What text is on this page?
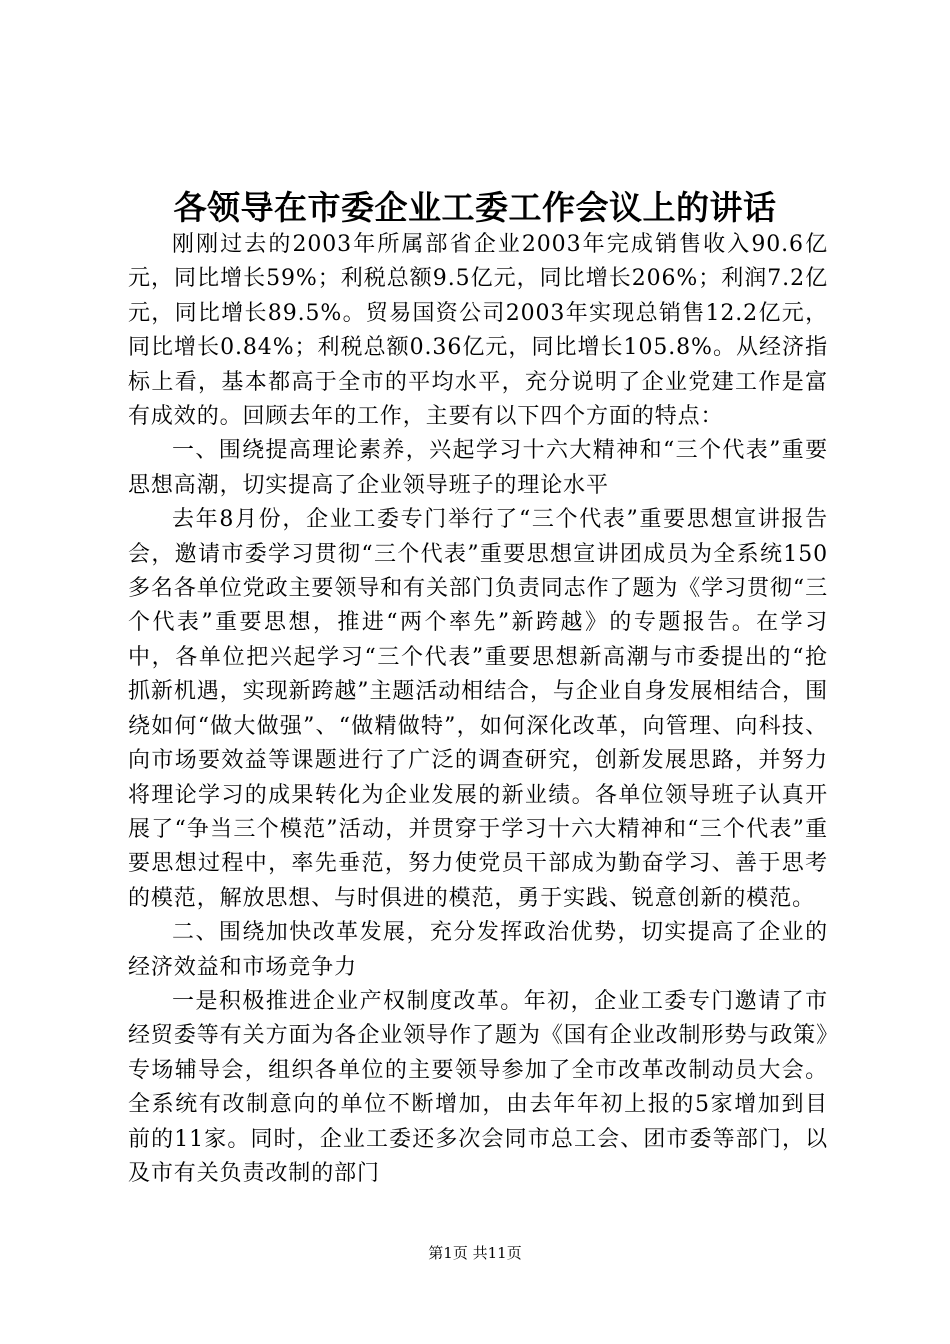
各领导在市委企业工委工作会议上的讲话

刚刚过去的2003年所属部省企业2003年完成销售收入90.6亿元，同比增长59%；利税总额9.5亿元，同比增长206%；利润7.2亿元，同比增长89.5%。贸易国资公司2003年实现总销售12.2亿元，同比增长0.84%；利税总额0.36亿元，同比增长105.8%。从经济指标上看，基本都高于全市的平均水平，充分说明了企业党建工作是富有成效的。回顾去年的工作，主要有以下四个方面的特点：

一、围绕提高理论素养，兴起学习十六大精神和“三个代表”重要思想高潮，切实提高了企业领导班子的理论水平

去年8月份，企业工委专门举行了“三个代表”重要思想宣讲报告会，邀请市委学习贯彻“三个代表”重要思想宣讲团成员为全系统150多名各单位党政主要领导和有关部门负责同志作了题为《学习贯彻“三个代表”重要思想，推进“两个率先”新跨越》的专题报告。在学习中，各单位把兴起学习“三个代表”重要思想新高潮与市委提出的“抢抓新机遇，实现新跨越”主题活动相结合，与企业自身发展相结合，围绕如何“做大做强”、“做精做特”，如何深化改革，向管理、向科技、向市场要效益等课题进行了广泛的调查研究，创新发展思路，并努力将理论学习的成果转化为企业发展的新业绩。各单位领导班子认真开展了“争当三个模范”活动，并贯穿于学习十六大精神和“三个代表”重要思想过程中，率先垂范，努力使党员干部成为勤奋学习、善于思考的模范，解放思想、与时俱进的模范，勇于实践、锐意创新的模范。

二、围绕加快改革发展，充分发挥政治优势，切实提高了企业的经济效益和市场竞争力

一是积极推进企业产权制度改革。年初，企业工委专门邀请了市经贸委等有关方面为各企业领导作了题为《国有企业改制形势与政策》专场辅导会，组织各单位的主要领导参加了全市改革改制动员大会。全系统有改制意向的单位不断增加，由去年年初上报的5家增加到目前的11家。同时，企业工委还多次会同市总工会、团市委等部门，以及市有关负责改制的部门

第1页 共11页
